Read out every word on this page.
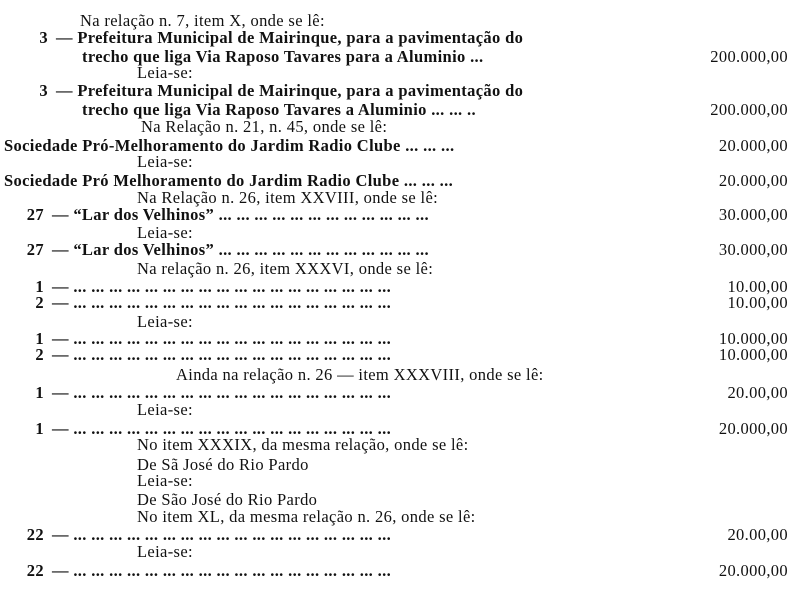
Na relação n. 7, item X, onde se lê:
3 — Prefeitura Municipal de Mairinque, para a pavimentação do
trecho que liga Via Raposo Tavares para a Aluminio ...	200.000,00
Leia-se:
3 — Prefeitura Municipal de Mairinque, para a pavimentação do
trecho que liga Via Raposo Tavares a Aluminio ... ... ..	200.000,00
Na Relação n. 21, n. 45, onde se lê:
Sociedade Pró-Melhoramento do Jardim Radio Clube ... ... ...	20.000,00
Leia-se:
Sociedade Pró Melhoramento do Jardim Radio Clube ... ... ...	20.000,00
Na Relação n. 26, item XXVIII, onde se lê:
27 — “Lar dos Velhinos” ... ... ... ... ... ... ... ... ... ... ... ...	30.000,00
Leia-se:
27 — “Lar dos Velhinos” ... ... ... ... ... ... ... ... ... ... ... ...	30.000,00
Na relação n. 26, item XXXVI, onde se lê:
1 — ... ... ... ... ... ... ... ... ... ... ... ... ... ... ... ... ... ...	10.00,00
2 — ... ... ... ... ... ... ... ... ... ... ... ... ... ... ... ... ... ...	10.00,00
Leia-se:
1 — ... ... ... ... ... ... ... ... ... ... ... ... ... ... ... ... ... ...	10.000,00
2 — ... ... ... ... ... ... ... ... ... ... ... ... ... ... ... ... ... ...	10.000,00
Ainda na relação n. 26 — item XXXVIII, onde se lê:
1 — ... ... ... ... ... ... ... ... ... ... ... ... ... ... ... ... ... ...	20.00,00
Leia-se:
1 — ... ... ... ... ... ... ... ... ... ... ... ... ... ... ... ... ... ...	20.000,00
No item XXXIX, da mesma relação, onde se lê:
De Sã José do Rio Pardo
Leia-se:
De São José do Rio Pardo
No item XL, da mesma relação n. 26, onde se lê:
22 — ... ... ... ... ... ... ... ... ... ... ... ... ... ... ... ... ... ...	20.00,00
Leia-se:
22 — ... ... ... ... ... ... ... ... ... ... ... ... ... ... ... ... ... ...	20.000,00
